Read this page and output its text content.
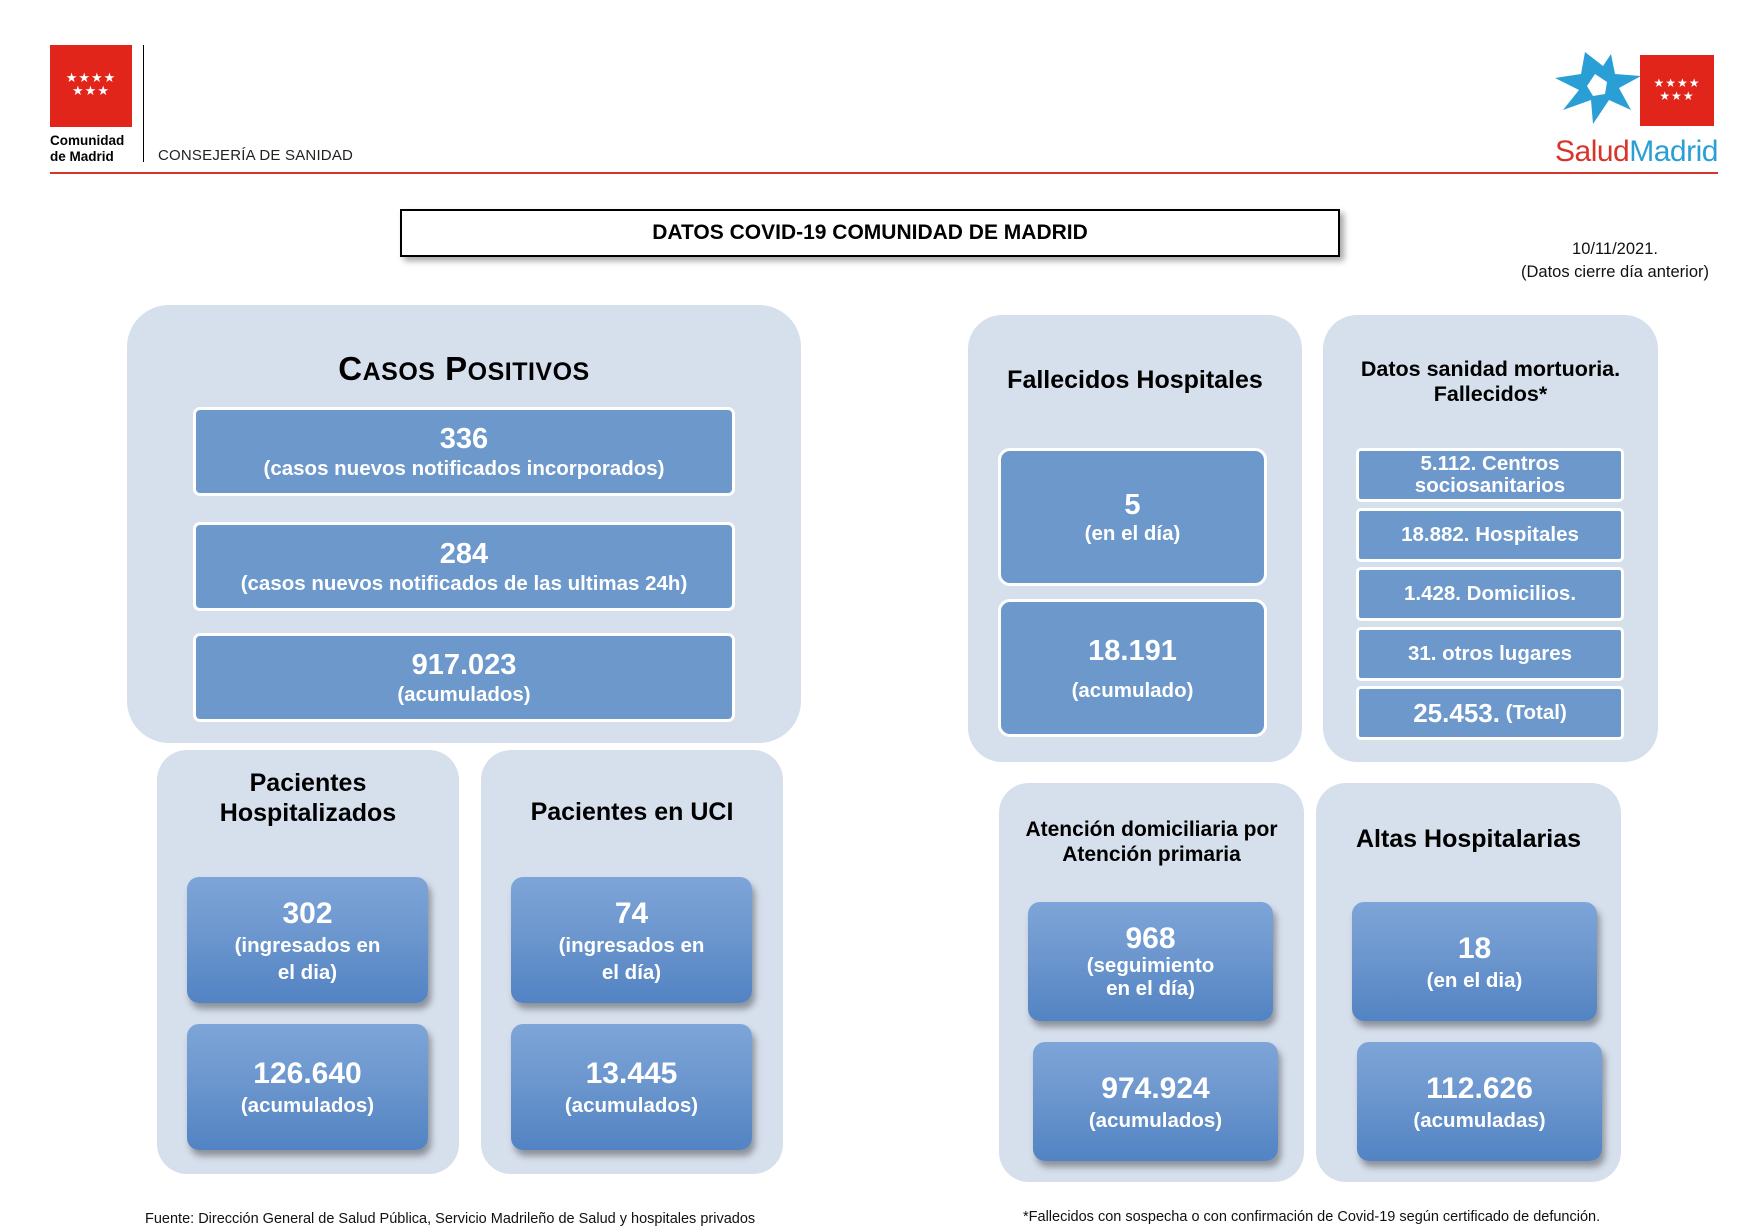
★★★★
★★★
Comunidad
de Madrid	CONSEJERÍA DE SANIDAD
★★★★
★★★
SaludMadrid
DATOS COVID-19 COMUNIDAD DE MADRID
10/11/2021.
(Datos cierre día anterior)
CASOS POSITIVOS
336
(casos nuevos notificados incorporados)
284
(casos nuevos notificados de las ultimas 24h)
917.023
(acumulados)
Pacientes
Hospitalizados
302
(ingresados en
el dia)
126.640
(acumulados)
Pacientes en UCI
74
(ingresados en
el día)
13.445
(acumulados)
Fallecidos Hospitales
5
(en el día)
18.191
(acumulado)
Datos sanidad mortuoria.
Fallecidos*
5.112. Centros
sociosanitarios
18.882. Hospitales
1.428. Domicilios.
31. otros lugares
25.453.
(Total)
Atención domiciliaria por
Atención primaria
968
(seguimiento
en el día)
974.924
(acumulados)
Altas Hospitalarias
18
(en el dia)
112.626
(acumuladas)
Fuente: Dirección General de Salud Pública, Servicio Madrileño de Salud y hospitales privados	*Fallecidos con sospecha o con confirmación de Covid-19 según certificado de defunción.
